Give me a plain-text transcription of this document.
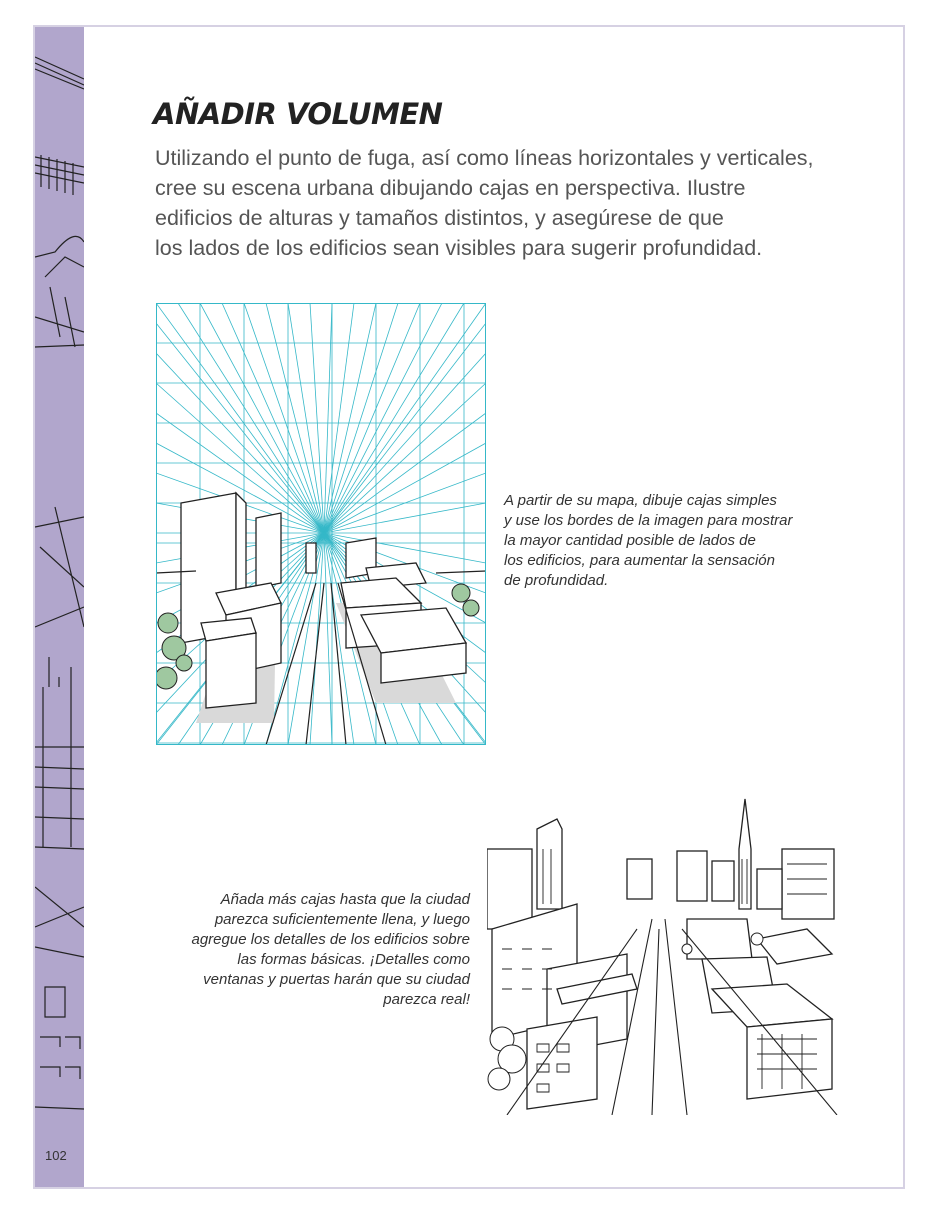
102
AÑADIR VOLUMEN

Utilizando el punto de fuga, así como líneas horizontales y verticales,
cree su escena urbana dibujando cajas en perspectiva. Ilustre
edificios de alturas y tamaños distintos, y asegúrese de que
los lados de los edificios sean visibles para sugerir profundidad.

A partir de su mapa, dibuje cajas simples
y use los bordes de la imagen para mostrar
la mayor cantidad posible de lados de
los edificios, para aumentar la sensación
de profundidad.
Añada más cajas hasta que la ciudad
parezca suficientemente llena, y luego
agregue los detalles de los edificios sobre
las formas básicas. ¡Detalles como
ventanas y puertas harán que su ciudad
parezca real!
